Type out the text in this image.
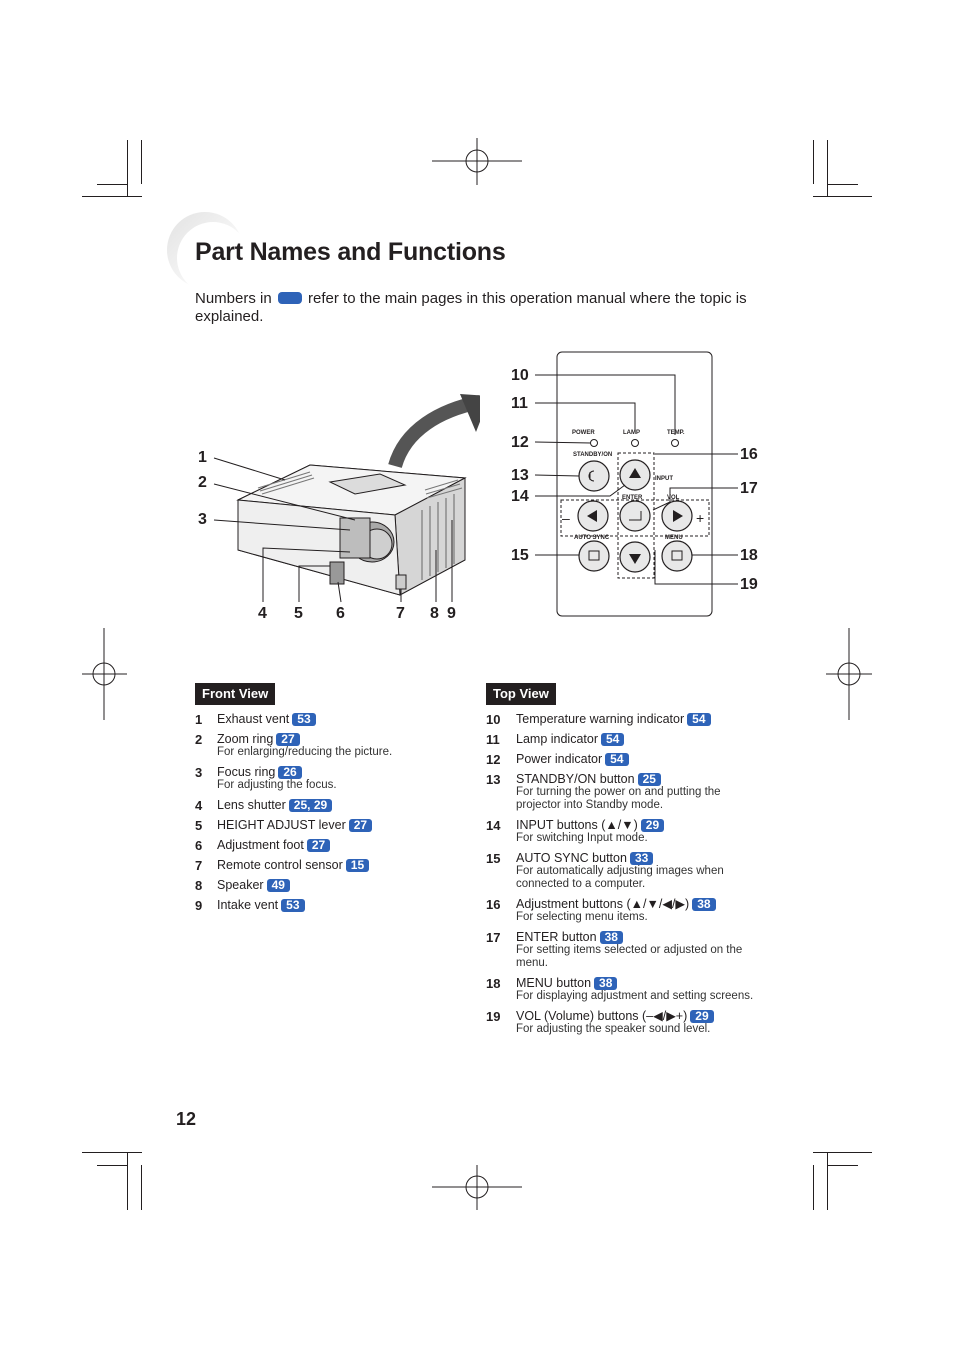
Part Names and Functions
Numbers in refer to the main pages in this operation manual where the topic is explained.
1
2
3
4 5 6	7 8 9
POWER	LAMP	TEMP.
STANDBY/ON
INPUT
ENTER	VOL
AUTO SYNC	MENU
–	+
10
11
12
13
14
15
16
17
18
19
Front View
1 Exhaust vent 53
2 Zoom ring 27
For enlarging/reducing the picture.
3 Focus ring 26
For adjusting the focus.
4 Lens shutter 25, 29
5 HEIGHT ADJUST lever 27
6 Adjustment foot 27
7 Remote control sensor 15
8 Speaker 49
9 Intake vent 53
Top View
10 Temperature warning indicator 54
11 Lamp indicator 54
12 Power indicator 54
13 STANDBY/ON button 25
For turning the power on and putting the projector into Standby mode.
14 INPUT buttons (▲/▼) 29
For switching Input mode.
15 AUTO SYNC button 33
For automatically adjusting images when connected to a computer.
16 Adjustment buttons (▲/▼/◀/▶) 38
For selecting menu items.
17 ENTER button 38
For setting items selected or adjusted on the menu.
18 MENU button 38
For displaying adjustment and setting screens.
19 VOL (Volume) buttons (–◀/▶+) 29
For adjusting the speaker sound level.
12
